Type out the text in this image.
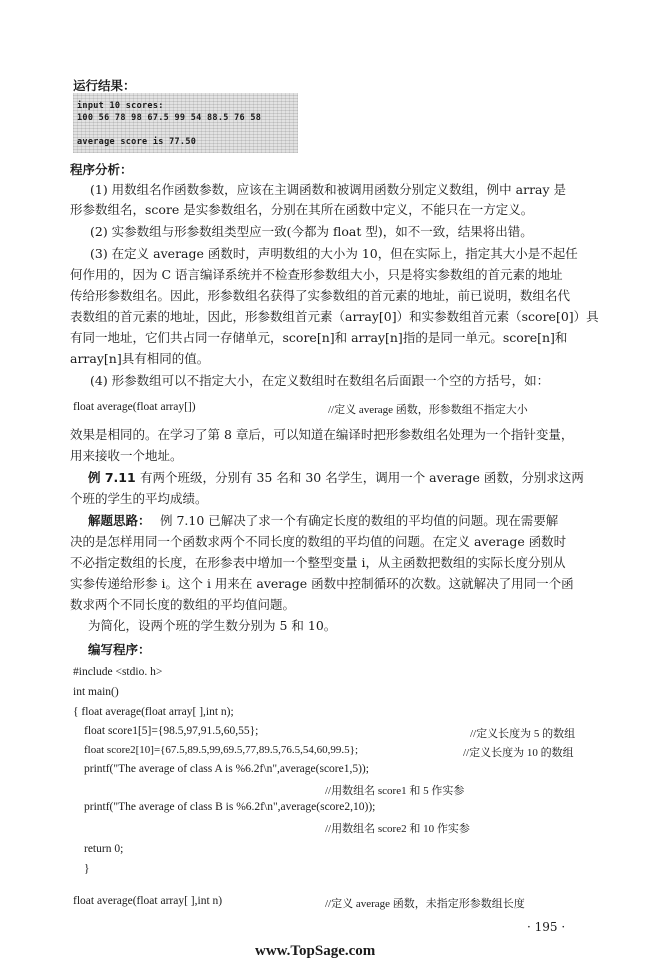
运行结果：
input 10 scores:
100 56 78 98 67.5 99 54 88.5 76 58
average score is 77.50
程序分析：
(1) 用数组名作函数参数，应该在主调函数和被调用函数分别定义数组，例中 array 是
形参数组名，score 是实参数组名，分别在其所在函数中定义，不能只在一方定义。
(2) 实参数组与形参数组类型应一致(今都为 float 型)，如不一致，结果将出错。
(3) 在定义 average 函数时，声明数组的大小为 10，但在实际上，指定其大小是不起任
何作用的，因为 C 语言编译系统并不检查形参数组大小，只是将实参数组的首元素的地址
传给形参数组名。因此，形参数组名获得了实参数组的首元素的地址，前已说明，数组名代
表数组的首元素的地址，因此，形参数组首元素（array[0]）和实参数组首元素（score[0]）具
有同一地址，它们共占同一存储单元，score[n]和 array[n]指的是同一单元。score[n]和
array[n]具有相同的值。
(4) 形参数组可以不指定大小，在定义数组时在数组名后面跟一个空的方括号，如：
float average(float array[])	//定义 average 函数，形参数组不指定大小
效果是相同的。在学习了第 8 章后，可以知道在编译时把形参数组名处理为一个指针变量，
用来接收一个地址。
例 7.11 有两个班级，分别有 35 名和 30 名学生，调用一个 average 函数，分别求这两
个班的学生的平均成绩。
解题思路： 例 7.10 已解决了求一个有确定长度的数组的平均值的问题。现在需要解
决的是怎样用同一个函数求两个不同长度的数组的平均值的问题。在定义 average 函数时
不必指定数组的长度，在形参表中增加一个整型变量 i，从主函数把数组的实际长度分别从
实参传递给形参 i。这个 i 用来在 average 函数中控制循环的次数。这就解决了用同一个函
数求两个不同长度的数组的平均值问题。
为简化，设两个班的学生数分别为 5 和 10。
编写程序：
#include <stdio. h>
int main()
{ float average(float array[ ],int n);
float score1[5]={98.5,97,91.5,60,55};	//定义长度为 5 的数组
float score2[10]={67.5,89.5,99,69.5,77,89.5,76.5,54,60,99.5};	//定义长度为 10 的数组
printf("The average of class A is %6.2f\n",average(score1,5));
//用数组名 score1 和 5 作实参
printf("The average of class B is %6.2f\n",average(score2,10));
//用数组名 score2 和 10 作实参
return 0;
}
float average(float array[ ],int n)	//定义 average 函数，未指定形参数组长度
· 195 ·
www.TopSage.com
